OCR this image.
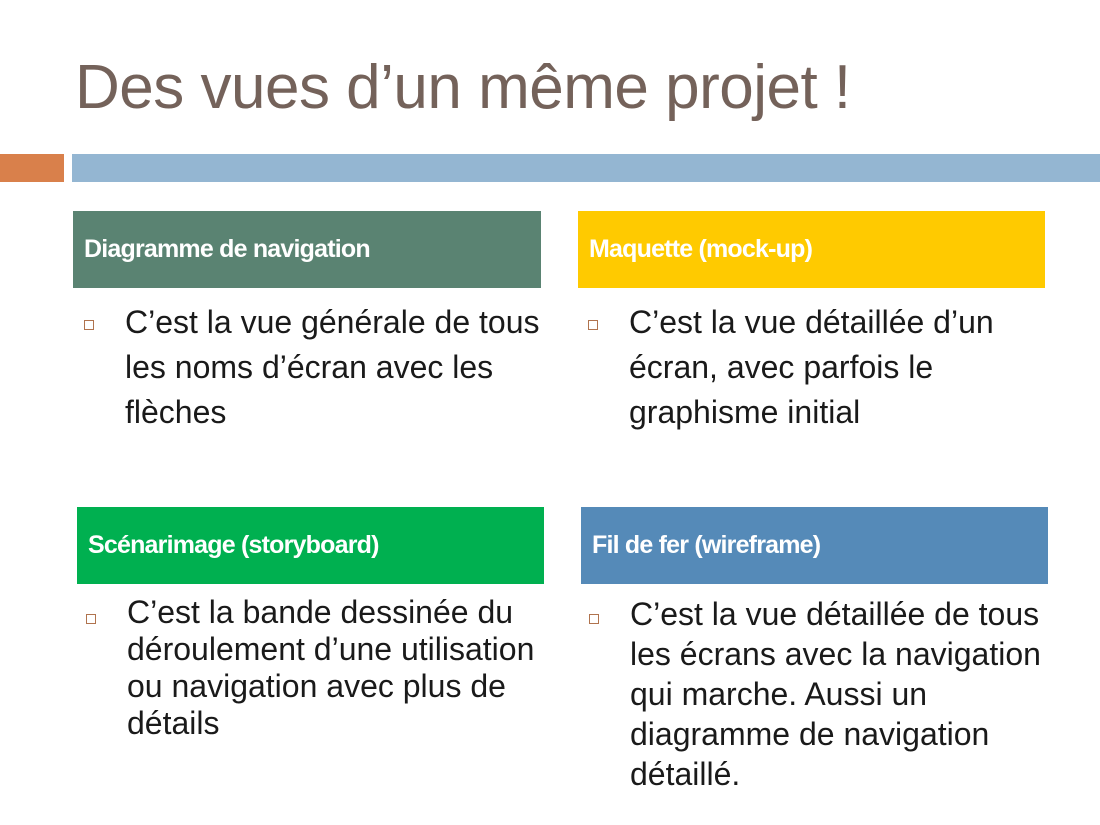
Des vues d’un même projet !
Diagramme de navigation
C’est la vue générale de tous les noms d’écran avec les flèches
Maquette (mock-up)
C’est la vue détaillée d’un écran, avec parfois le graphisme initial
Scénarimage (storyboard)
C’est la bande dessinée du déroulement d’une utilisation ou navigation avec plus de détails
Fil de fer (wireframe)
C’est la vue détaillée de tous les écrans avec la navigation qui marche. Aussi un diagramme de navigation détaillé.
